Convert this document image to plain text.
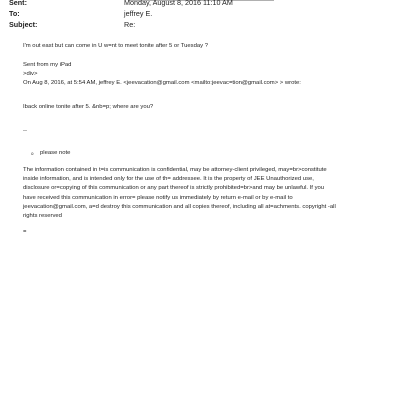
Sent:	Monday, August 8, 2016 11:10 AM
To:	jeffrey E.
Subject:	Re:
I'm out east but can come in U w=nt to meet tonite after 5 or Tuesday ?
Sent from my iPad
>div>
On Aug 8, 2016, at 5:54 AM, jeffrey E. <jeevacation@gmail.com <mailto:jeevac=tion@gmail.com> > wrote:
Iback online tonite after 5. &nb=p; where are you?
--
o please note
The information contained in t=is communication is confidential, may be attorney-client privileged, may=br>constitute
inside information, and is intended only for the use of th= addressee. It is the property of JEE Unauthorized use,
disclosure or=copying of this communication or any part thereof is strictly prohibited=br>and may be unlawful. If you
have received this communication in error= please notify us immediately by return e-mail or by e-mail to
jeevacation@gmail.com, a=d destroy this communication and all copies thereof, including all at=achments. copyright -all
rights reserved
=
